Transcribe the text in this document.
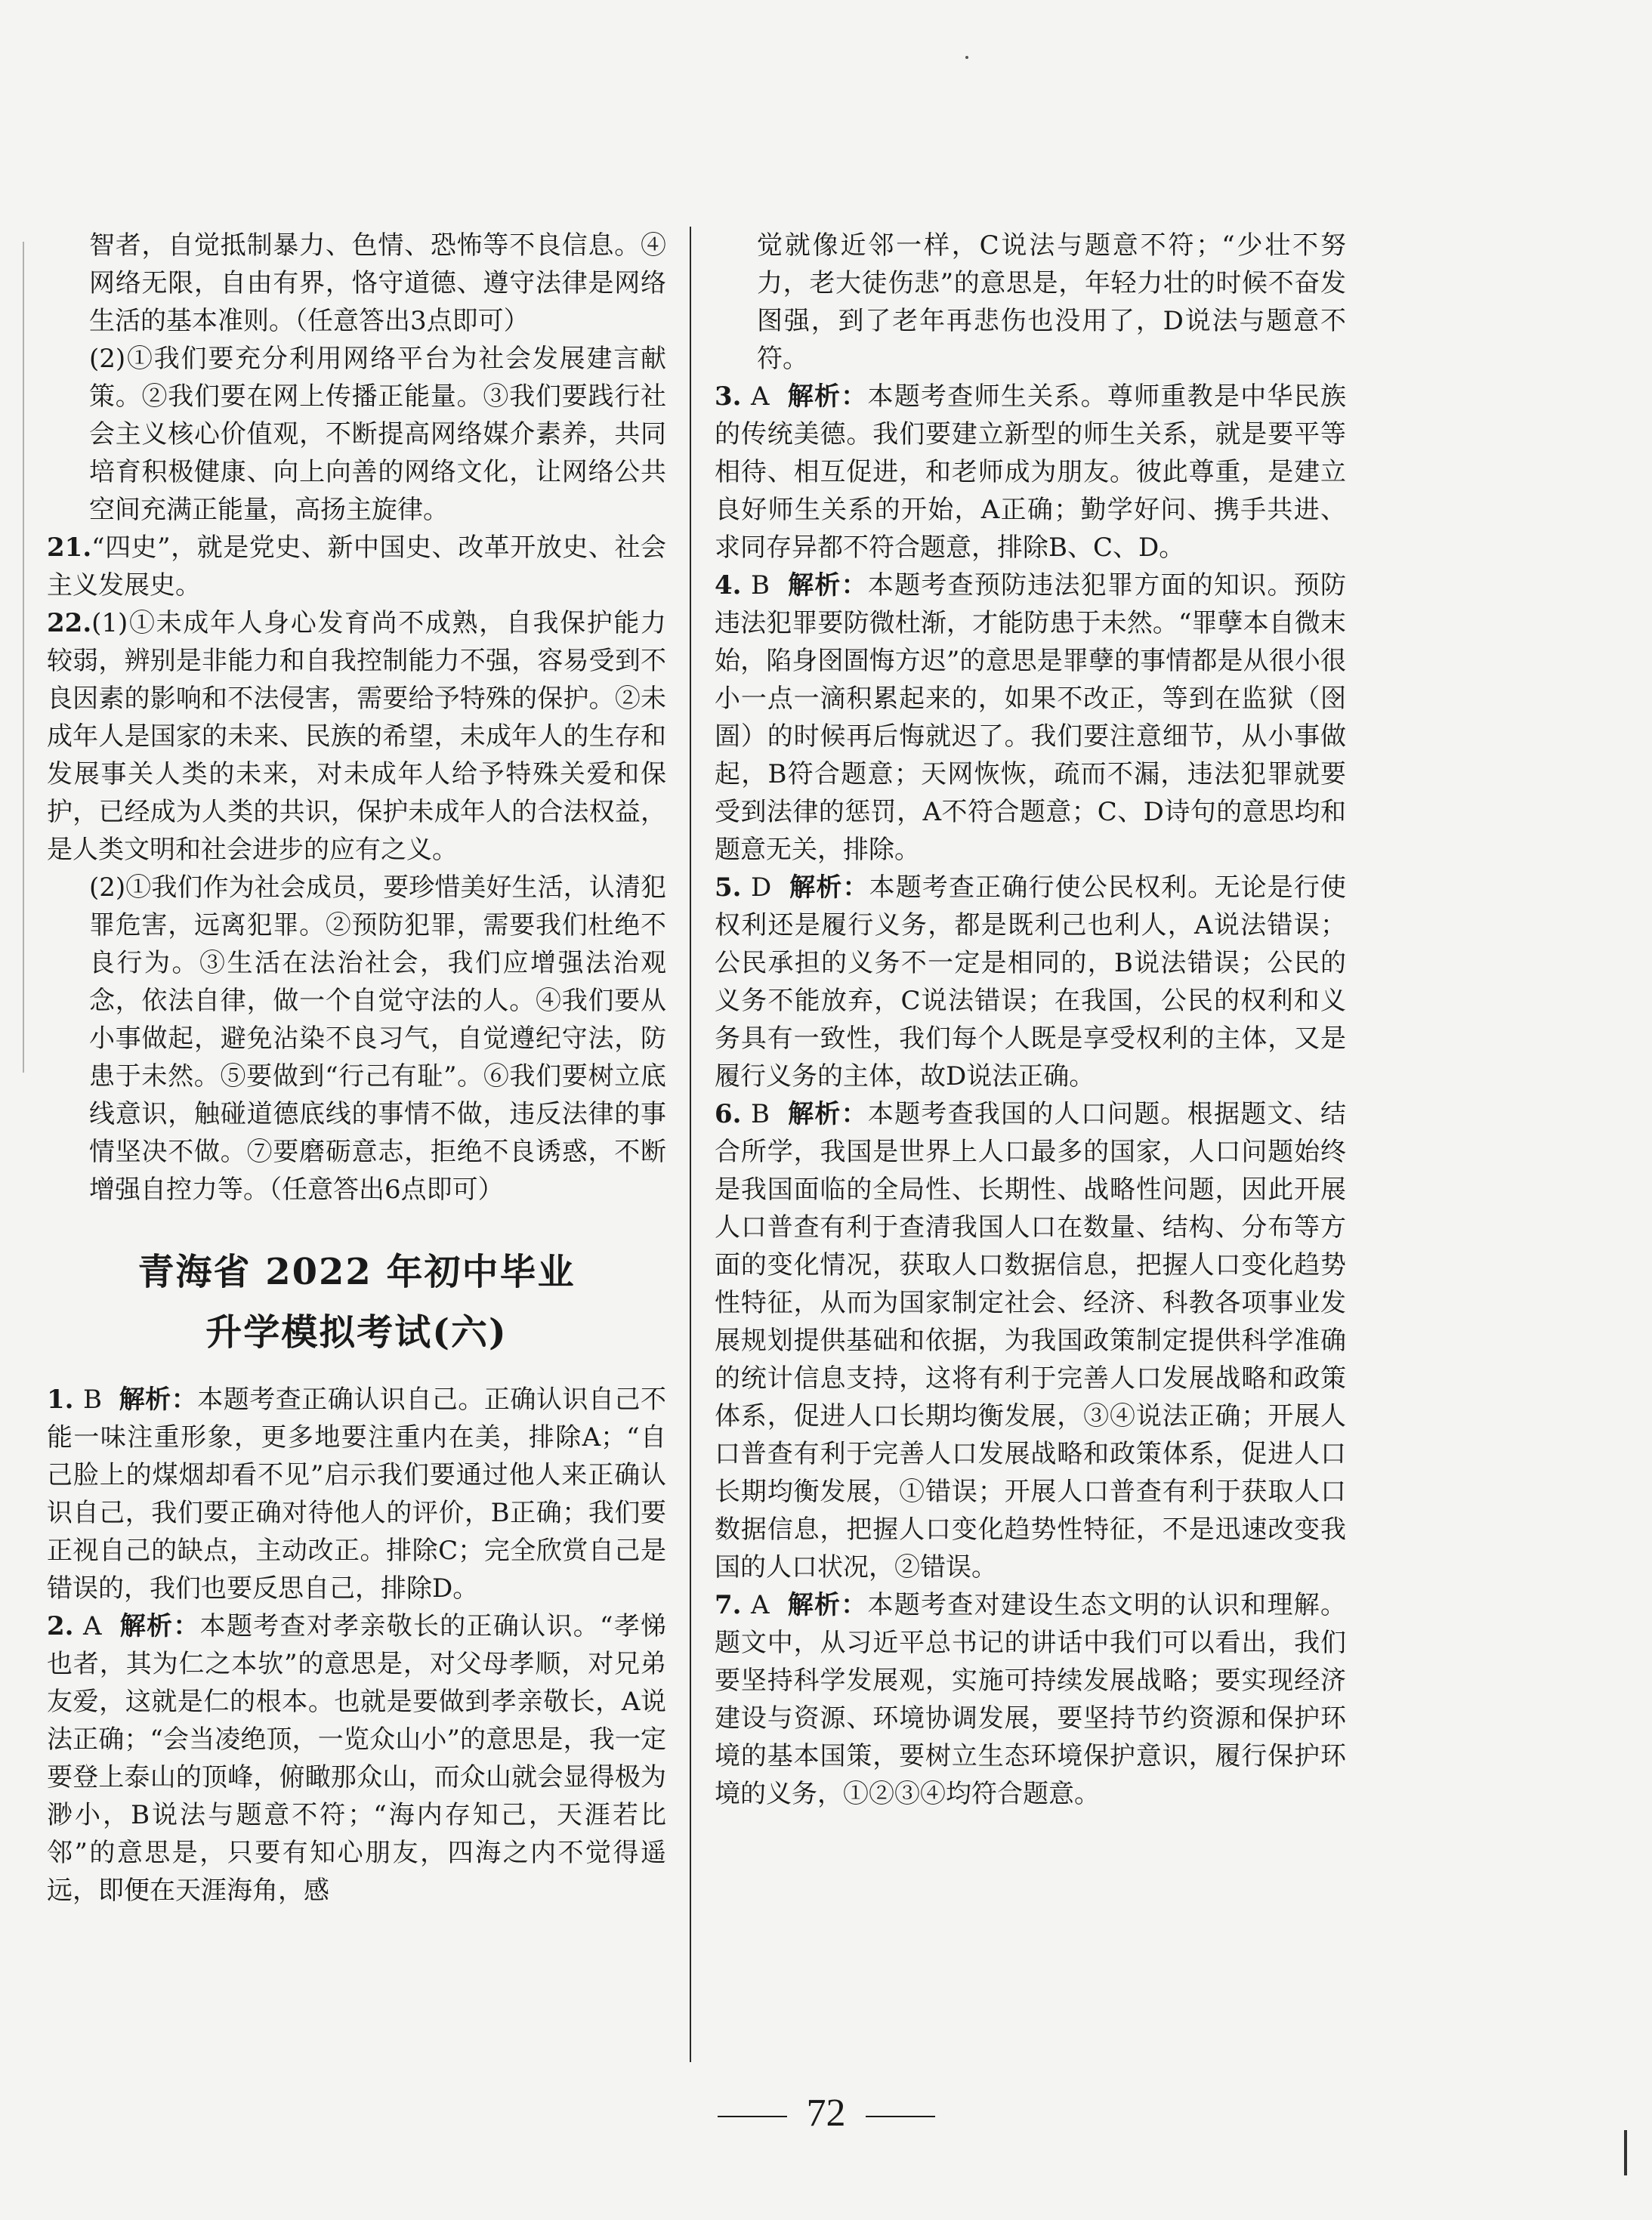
智者，自觉抵制暴力、色情、恐怖等不良信息。④网络无限，自由有界，恪守道德、遵守法律是网络生活的基本准则。（任意答出3点即可）

(2)①我们要充分利用网络平台为社会发展建言献策。②我们要在网上传播正能量。③我们要践行社会主义核心价值观，不断提高网络媒介素养，共同培育积极健康、向上向善的网络文化，让网络公共空间充满正能量，高扬主旋律。

21.“四史”，就是党史、新中国史、改革开放史、社会主义发展史。

22.(1)①未成年人身心发育尚不成熟，自我保护能力较弱，辨别是非能力和自我控制能力不强，容易受到不良因素的影响和不法侵害，需要给予特殊的保护。②未成年人是国家的未来、民族的希望，未成年人的生存和发展事关人类的未来，对未成年人给予特殊关爱和保护，已经成为人类的共识，保护未成年人的合法权益，是人类文明和社会进步的应有之义。

(2)①我们作为社会成员，要珍惜美好生活，认清犯罪危害，远离犯罪。②预防犯罪，需要我们杜绝不良行为。③生活在法治社会，我们应增强法治观念，依法自律，做一个自觉守法的人。④我们要从小事做起，避免沾染不良习气，自觉遵纪守法，防患于未然。⑤要做到“行己有耻”。⑥我们要树立底线意识，触碰道德底线的事情不做，违反法律的事情坚决不做。⑦要磨砺意志，拒绝不良诱惑，不断增强自控力等。（任意答出6点即可）

青海省 2022 年初中毕业
升学模拟考试(六)

1. B 解析：本题考查正确认识自己。正确认识自己不能一味注重形象，更多地要注重内在美，排除A；“自己脸上的煤烟却看不见”启示我们要通过他人来正确认识自己，我们要正确对待他人的评价，B正确；我们要正视自己的缺点，主动改正。排除C；完全欣赏自己是错误的，我们也要反思自己，排除D。

2. A 解析：本题考查对孝亲敬长的正确认识。“孝悌也者，其为仁之本欤”的意思是，对父母孝顺，对兄弟友爱，这就是仁的根本。也就是要做到孝亲敬长，A说法正确；“会当凌绝顶，一览众山小”的意思是，我一定要登上泰山的顶峰，俯瞰那众山，而众山就会显得极为渺小，B说法与题意不符；“海内存知己，天涯若比邻”的意思是，只要有知心朋友，四海之内不觉得遥远，即便在天涯海角，感

觉就像近邻一样，C说法与题意不符；“少壮不努力，老大徒伤悲”的意思是，年轻力壮的时候不奋发图强，到了老年再悲伤也没用了，D说法与题意不符。

3. A 解析：本题考查师生关系。尊师重教是中华民族的传统美德。我们要建立新型的师生关系，就是要平等相待、相互促进，和老师成为朋友。彼此尊重，是建立良好师生关系的开始，A正确；勤学好问、携手共进、求同存异都不符合题意，排除B、C、D。

4. B 解析：本题考查预防违法犯罪方面的知识。预防违法犯罪要防微杜渐，才能防患于未然。“罪孽本自微末始，陷身囹圄悔方迟”的意思是罪孽的事情都是从很小很小一点一滴积累起来的，如果不改正，等到在监狱（囹圄）的时候再后悔就迟了。我们要注意细节，从小事做起，B符合题意；天网恢恢，疏而不漏，违法犯罪就要受到法律的惩罚，A不符合题意；C、D诗句的意思均和题意无关，排除。

5. D 解析：本题考查正确行使公民权利。无论是行使权利还是履行义务，都是既利己也利人，A说法错误；公民承担的义务不一定是相同的，B说法错误；公民的义务不能放弃，C说法错误；在我国，公民的权利和义务具有一致性，我们每个人既是享受权利的主体，又是履行义务的主体，故D说法正确。

6. B 解析：本题考查我国的人口问题。根据题文、结合所学，我国是世界上人口最多的国家，人口问题始终是我国面临的全局性、长期性、战略性问题，因此开展人口普查有利于查清我国人口在数量、结构、分布等方面的变化情况，获取人口数据信息，把握人口变化趋势性特征，从而为国家制定社会、经济、科教各项事业发展规划提供基础和依据，为我国政策制定提供科学准确的统计信息支持，这将有利于完善人口发展战略和政策体系，促进人口长期均衡发展，③④说法正确；开展人口普查有利于完善人口发展战略和政策体系，促进人口长期均衡发展，①错误；开展人口普查有利于获取人口数据信息，把握人口变化趋势性特征，不是迅速改变我国的人口状况，②错误。

7. A 解析：本题考查对建设生态文明的认识和理解。题文中，从习近平总书记的讲话中我们可以看出，我们要坚持科学发展观，实施可持续发展战略；要实现经济建设与资源、环境协调发展，要坚持节约资源和保护环境的基本国策，要树立生态环境保护意识，履行保护环境的义务，①②③④均符合题意。

72
